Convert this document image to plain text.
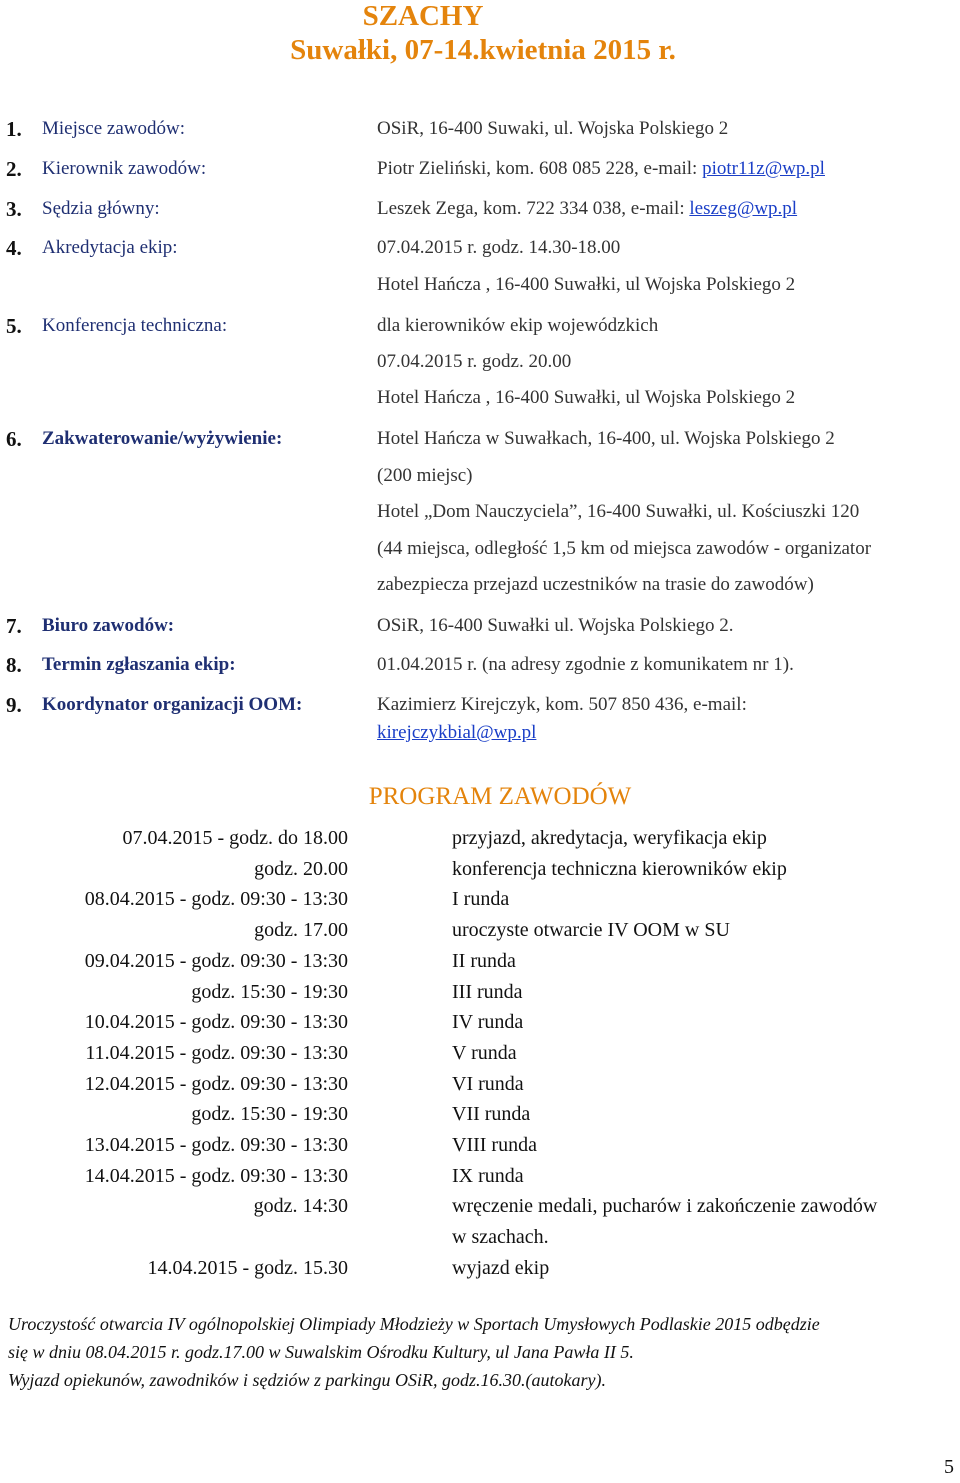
SZACHY
Suwałki, 07-14.kwietnia 2015 r.
1. Miejsce zawodów:	OSiR, 16-400 Suwaki, ul. Wojska Polskiego 2
2. Kierownik zawodów:	Piotr Zieliński, kom. 608 085 228, e-mail: piotr11z@wp.pl
3. Sędzia główny:	Leszek Zega, kom. 722 334 038, e-mail: leszeg@wp.pl
4. Akredytacja ekip:	07.04.2015 r. godz. 14.30-18.00
Hotel Hańcza , 16-400 Suwałki, ul Wojska Polskiego 2
5. Konferencja techniczna:	dla kierowników ekip wojewódzkich
07.04.2015 r. godz. 20.00
Hotel Hańcza , 16-400 Suwałki, ul Wojska Polskiego 2
6. Zakwaterowanie/wyżywienie:	Hotel Hańcza w Suwałkach, 16-400, ul. Wojska Polskiego 2
(200 miejsc)
Hotel „Dom Nauczyciela”, 16-400 Suwałki, ul. Kościuszki 120
(44 miejsca, odległość 1,5 km od miejsca zawodów - organizator
zabezpiecza przejazd uczestników na trasie do zawodów)
7. Biuro zawodów:	OSiR, 16-400 Suwałki ul. Wojska Polskiego 2.
8. Termin zgłaszania ekip:	01.04.2015 r. (na adresy zgodnie z komunikatem nr 1).
9. Koordynator organizacji OOM:	Kazimierz Kirejczyk, kom. 507 850 436, e-mail:
kirejczykbial@wp.pl
PROGRAM ZAWODÓW
07.04.2015 - godz. do 18.00	przyjazd, akredytacja, weryfikacja ekip
godz. 20.00	konferencja techniczna kierowników ekip
08.04.2015 - godz. 09:30 - 13:30	I runda
godz. 17.00	uroczyste otwarcie IV OOM w SU
09.04.2015 - godz. 09:30 - 13:30	II runda
godz. 15:30 - 19:30	III runda
10.04.2015 - godz. 09:30 - 13:30	IV runda
11.04.2015 - godz. 09:30 - 13:30	V runda
12.04.2015 - godz. 09:30 - 13:30	VI runda
godz. 15:30 - 19:30	VII runda
13.04.2015 - godz. 09:30 - 13:30	VIII runda
14.04.2015 - godz. 09:30 - 13:30	IX runda
godz. 14:30	wręczenie medali, pucharów i zakończenie zawodów
w szachach.
14.04.2015 - godz. 15.30	wyjazd ekip
Uroczystość otwarcia IV ogólnopolskiej Olimpiady Młodzieży w Sportach Umysłowych Podlaskie 2015 odbędzie
się w dniu 08.04.2015 r. godz.17.00 w Suwalskim Ośrodku Kultury, ul Jana Pawła II 5.
Wyjazd opiekunów, zawodników i sędziów z parkingu OSiR, godz.16.30.(autokary).
5
